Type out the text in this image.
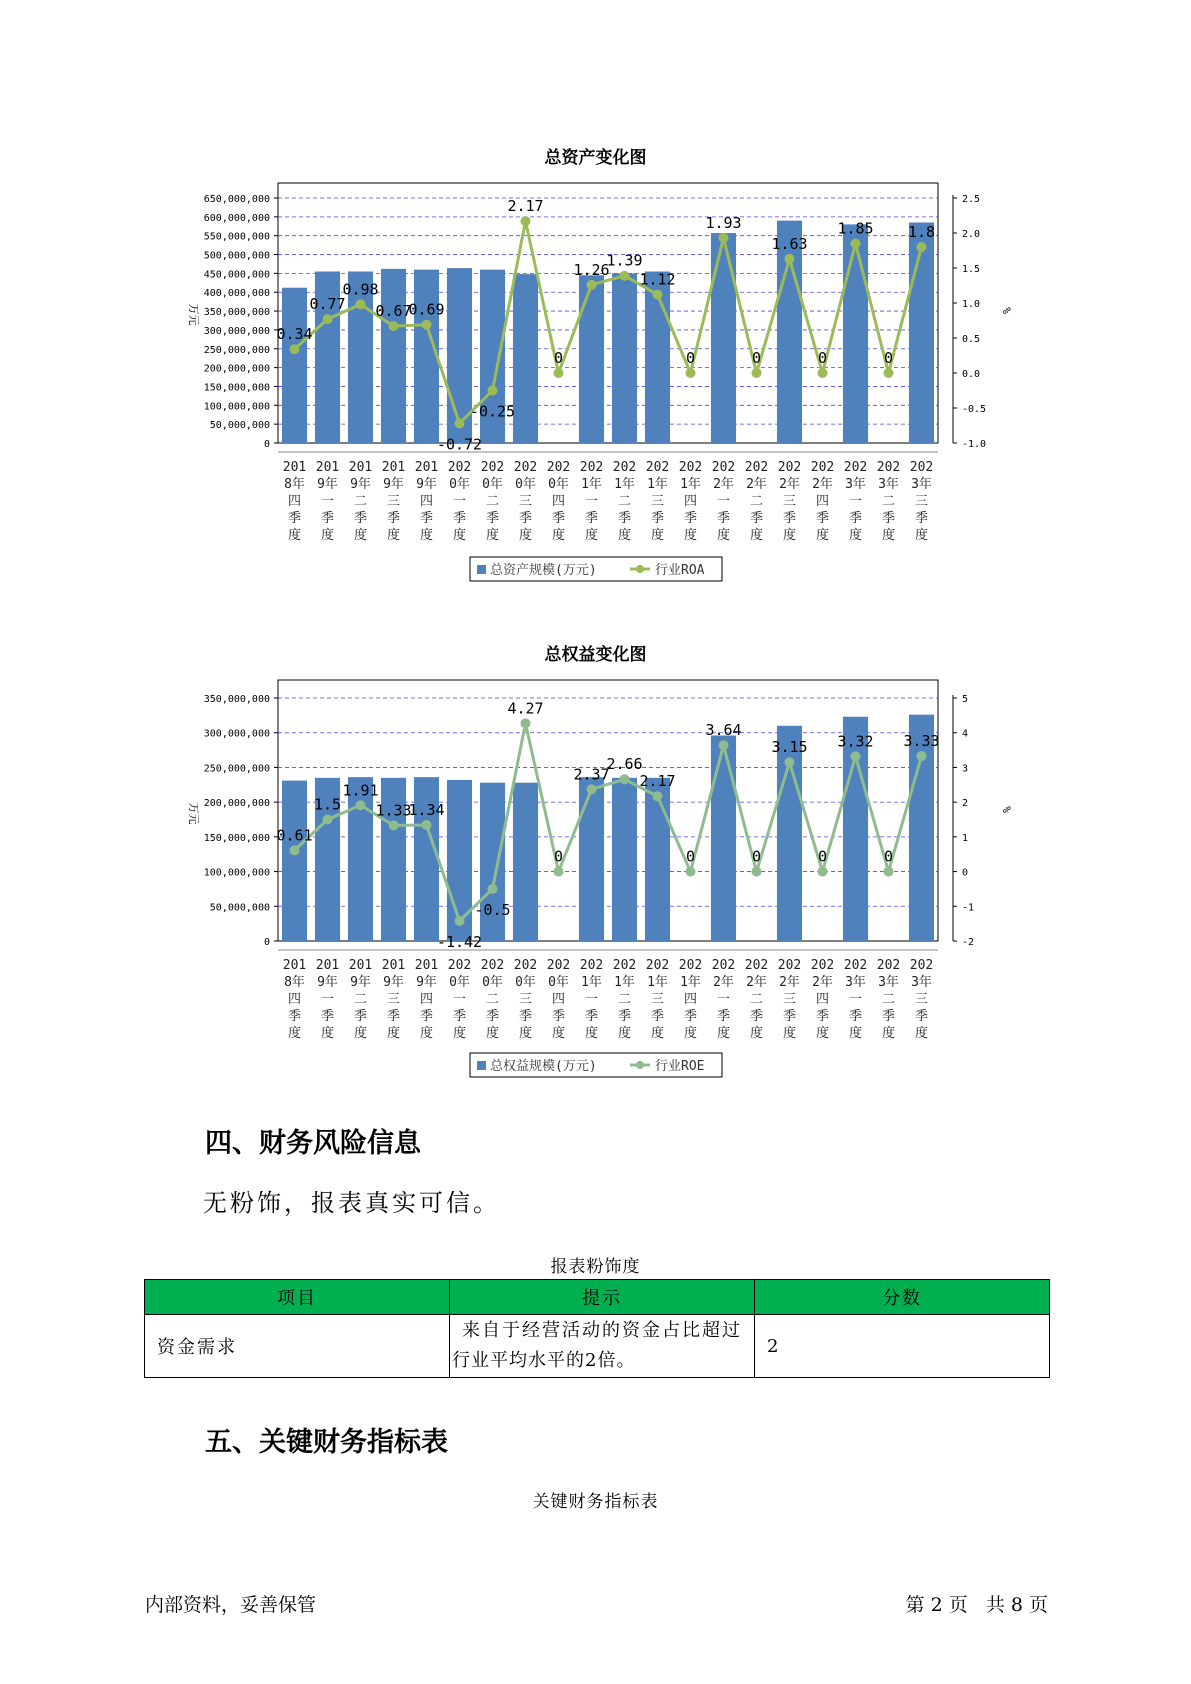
总资产变化图
0
50,000,000
100,000,000
150,000,000
200,000,000
250,000,000
300,000,000
350,000,000
400,000,000
450,000,000
500,000,000
550,000,000
600,000,000
650,000,000
-1.0
-0.5
0.0
0.5
1.0
1.5
2.0
2.5
万元	%
0.34
0.77
0.98
0.67
0.69
-0.72
-0.25
2.17
0
1.26
1.39
1.12
0
1.93
0
1.63
0
1.85
0
1.8
201
8年
四
季
度
201
9年
一
季
度
201
9年
二
季
度
201
9年
三
季
度
201
9年
四
季
度
202
0年
一
季
度
202
0年
二
季
度
202
0年
三
季
度
202
0年
四
季
度
202
1年
一
季
度
202
1年
二
季
度
202
1年
三
季
度
202
1年
四
季
度
202
2年
一
季
度
202
2年
二
季
度
202
2年
三
季
度
202
2年
四
季
度
202
3年
一
季
度
202
3年
二
季
度
202
3年
三
季
度
总资产规模(万元)	行业ROA
总权益变化图
0
50,000,000
100,000,000
150,000,000
200,000,000
250,000,000
300,000,000
350,000,000
-2
-1
0
1
2
3
4
5
万元	%
0.61
1.5
1.91
1.33
1.34
-1.42
-0.5
4.27
0
2.37
2.66
2.17
0
3.64
0
3.15
0
3.32
0
3.33
201
8年
四
季
度
201
9年
一
季
度
201
9年
二
季
度
201
9年
三
季
度
201
9年
四
季
度
202
0年
一
季
度
202
0年
二
季
度
202
0年
三
季
度
202
0年
四
季
度
202
1年
一
季
度
202
1年
二
季
度
202
1年
三
季
度
202
1年
四
季
度
202
2年
一
季
度
202
2年
二
季
度
202
2年
三
季
度
202
2年
四
季
度
202
3年
一
季
度
202
3年
二
季
度
202
3年
三
季
度
总权益规模(万元)	行业ROE
四、财务风险信息
无粉饰，报表真实可信。
报表粉饰度
项目	提示	分数
资金需求	来自于经营活动的资金占比超过
行业平均水平的2倍。	2
五、关键财务指标表
关键财务指标表
内部资料，妥善保管	第 2 页   共 8 页
